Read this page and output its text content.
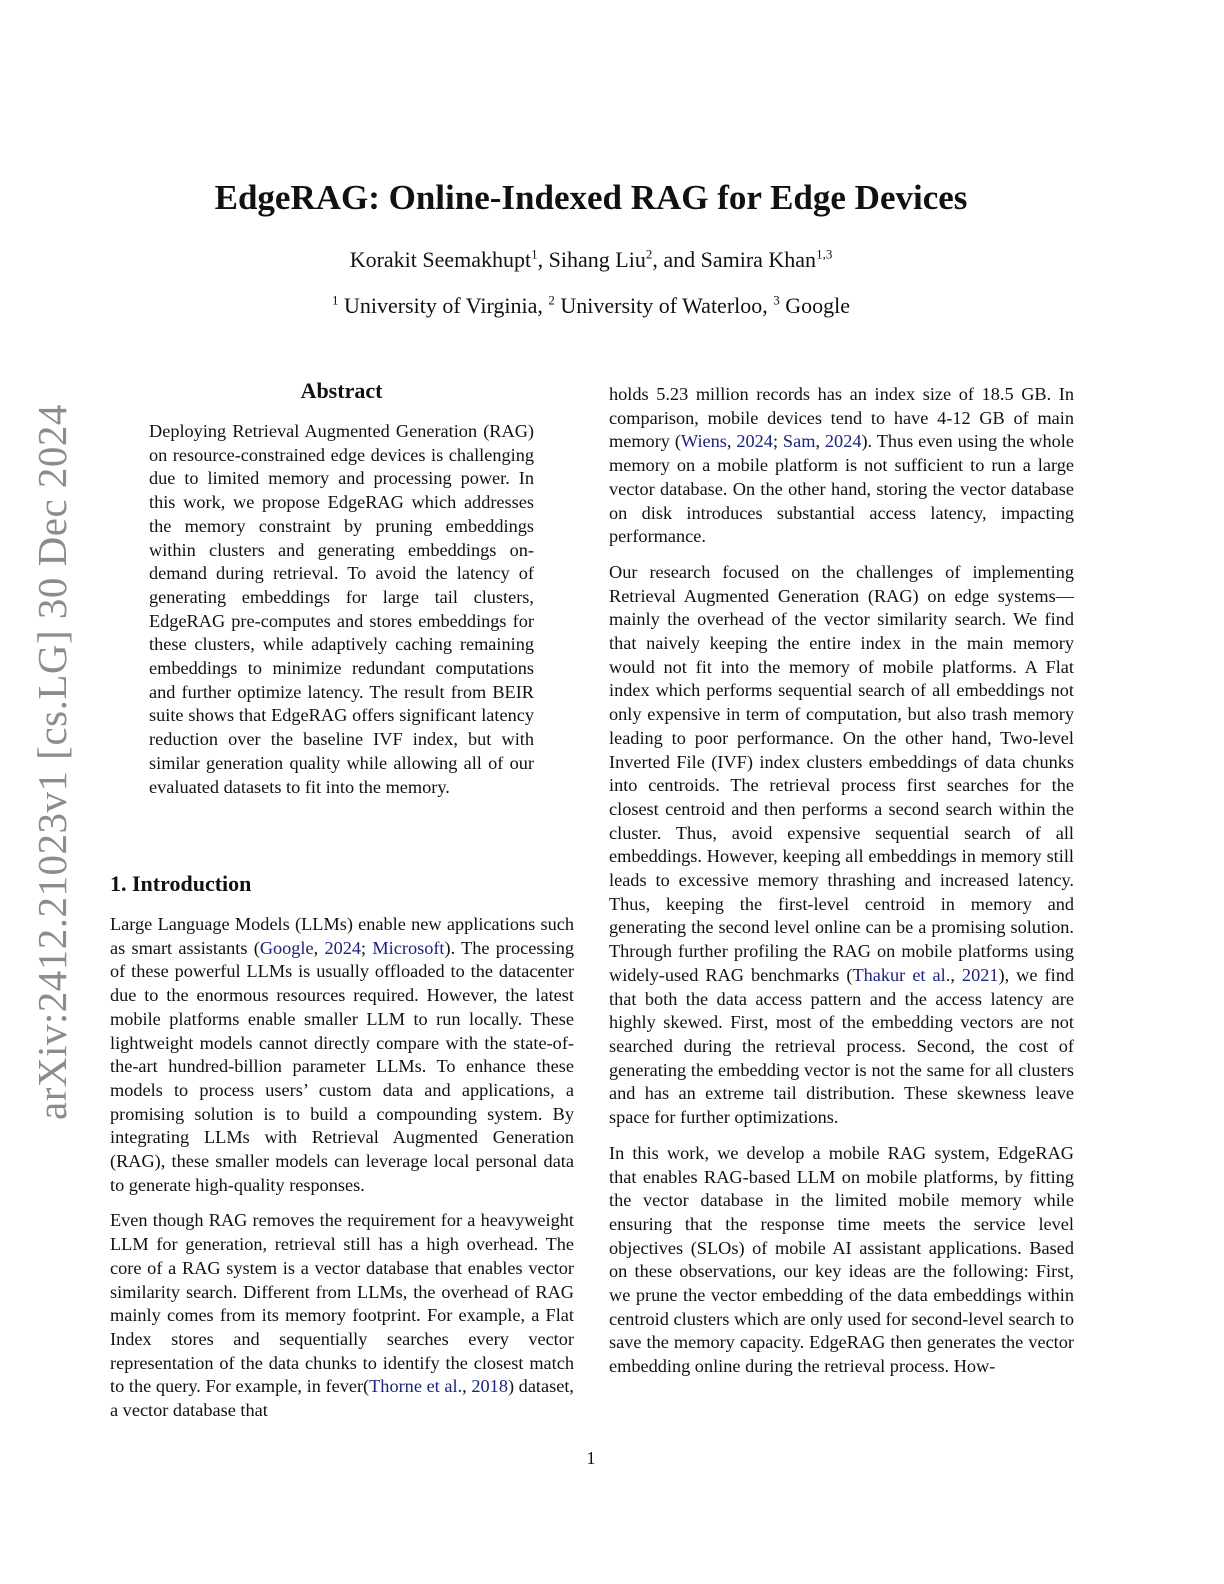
arXiv:2412.21023v1 [cs.LG] 30 Dec 2024
EdgeRAG: Online-Indexed RAG for Edge Devices
Korakit Seemakhupt$^1$, Sihang Liu$^2$, and Samira Khan$^{1,3}$
$^1$ University of Virginia, $^2$ University of Waterloo, $^3$ Google
Abstract
Deploying Retrieval Augmented Generation (RAG) on resource-constrained edge devices is challenging due to limited memory and processing power. In this work, we propose EdgeRAG which addresses the memory constraint by pruning embeddings within clusters and generating embeddings on-demand during retrieval. To avoid the latency of generating embeddings for large tail clusters, EdgeRAG pre-computes and stores embeddings for these clusters, while adaptively caching remaining embeddings to minimize redundant computations and further optimize latency. The result from BEIR suite shows that EdgeRAG offers significant latency reduction over the baseline IVF index, but with similar generation quality while allowing all of our evaluated datasets to fit into the memory.
1. Introduction

Large Language Models (LLMs) enable new applications such as smart assistants (Google, 2024; Microsoft). The processing of these powerful LLMs is usually offloaded to the datacenter due to the enormous resources required. However, the latest mobile platforms enable smaller LLM to run locally. These lightweight models cannot directly compare with the state-of-the-art hundred-billion parameter LLMs. To enhance these models to process users’ custom data and applications, a promising solution is to build a compounding system. By integrating LLMs with Retrieval Augmented Generation (RAG), these smaller models can leverage local personal data to generate high-quality responses.

Even though RAG removes the requirement for a heavyweight LLM for generation, retrieval still has a high overhead. The core of a RAG system is a vector database that enables vector similarity search. Different from LLMs, the overhead of RAG mainly comes from its memory footprint. For example, a Flat Index stores and sequentially searches every vector representation of the data chunks to identify the closest match to the query. For example, in fever(Thorne et al., 2018) dataset, a vector database that

holds 5.23 million records has an index size of 18.5 GB. In comparison, mobile devices tend to have 4-12 GB of main memory (Wiens, 2024; Sam, 2024). Thus even using the whole memory on a mobile platform is not sufficient to run a large vector database. On the other hand, storing the vector database on disk introduces substantial access latency, impacting performance.

Our research focused on the challenges of implementing Retrieval Augmented Generation (RAG) on edge systems—mainly the overhead of the vector similarity search. We find that naively keeping the entire index in the main memory would not fit into the memory of mobile platforms. A Flat index which performs sequential search of all embeddings not only expensive in term of computation, but also trash memory leading to poor performance. On the other hand, Two-level Inverted File (IVF) index clusters embeddings of data chunks into centroids. The retrieval process first searches for the closest centroid and then performs a second search within the cluster. Thus, avoid expensive sequential search of all embeddings. However, keeping all embeddings in memory still leads to excessive memory thrashing and increased latency. Thus, keeping the first-level centroid in memory and generating the second level online can be a promising solution. Through further profiling the RAG on mobile platforms using widely-used RAG benchmarks (Thakur et al., 2021), we find that both the data access pattern and the access latency are highly skewed. First, most of the embedding vectors are not searched during the retrieval process. Second, the cost of generating the embedding vector is not the same for all clusters and has an extreme tail distribution. These skewness leave space for further optimizations.

In this work, we develop a mobile RAG system, EdgeRAG that enables RAG-based LLM on mobile platforms, by fitting the vector database in the limited mobile memory while ensuring that the response time meets the service level objectives (SLOs) of mobile AI assistant applications. Based on these observations, our key ideas are the following: First, we prune the vector embedding of the data embeddings within centroid clusters which are only used for second-level search to save the memory capacity. EdgeRAG then generates the vector embedding online during the retrieval process. How-

1
